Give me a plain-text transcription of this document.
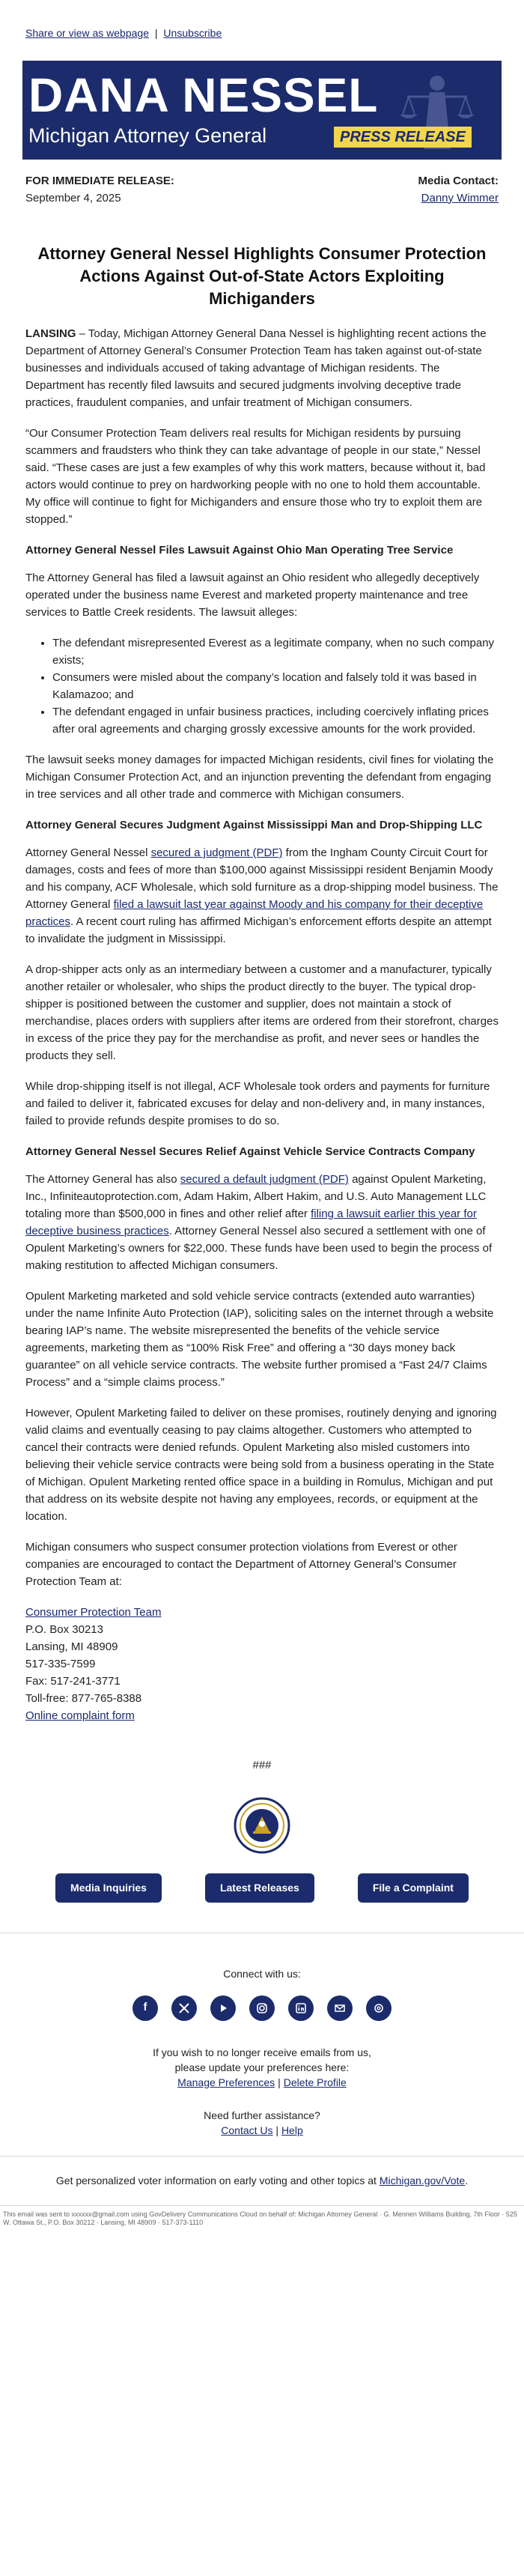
Share or view as webpage | Unsubscribe
DANA NESSEL
Michigan Attorney General	PRESS RELEASE
FOR IMMEDIATE RELEASE:
September 4, 2025
Media Contact:
Danny Wimmer
Attorney General Nessel Highlights Consumer Protection Actions Against Out-of-State Actors Exploiting Michiganders

LANSING – Today, Michigan Attorney General Dana Nessel is highlighting recent actions the Department of Attorney General’s Consumer Protection Team has taken against out-of-state businesses and individuals accused of taking advantage of Michigan residents. The Department has recently filed lawsuits and secured judgments involving deceptive trade practices, fraudulent companies, and unfair treatment of Michigan consumers.

“Our Consumer Protection Team delivers real results for Michigan residents by pursuing scammers and fraudsters who think they can take advantage of people in our state,” Nessel said. “These cases are just a few examples of why this work matters, because without it, bad actors would continue to prey on hardworking people with no one to hold them accountable. My office will continue to fight for Michiganders and ensure those who try to exploit them are stopped.”

Attorney General Nessel Files Lawsuit Against Ohio Man Operating Tree Service

The Attorney General has filed a lawsuit against an Ohio resident who allegedly deceptively operated under the business name Everest and marketed property maintenance and tree services to Battle Creek residents. The lawsuit alleges:

• The defendant misrepresented Everest as a legitimate company, when no such company exists;
• Consumers were misled about the company’s location and falsely told it was based in Kalamazoo; and
• The defendant engaged in unfair business practices, including coercively inflating prices after oral agreements and charging grossly excessive amounts for the work provided.

The lawsuit seeks money damages for impacted Michigan residents, civil fines for violating the Michigan Consumer Protection Act, and an injunction preventing the defendant from engaging in tree services and all other trade and commerce with Michigan consumers.

Attorney General Secures Judgment Against Mississippi Man and Drop-Shipping LLC

Attorney General Nessel secured a judgment (PDF) from the Ingham County Circuit Court for damages, costs and fees of more than $100,000 against Mississippi resident Benjamin Moody and his company, ACF Wholesale, which sold furniture as a drop-shipping model business. The Attorney General filed a lawsuit last year against Moody and his company for their deceptive practices. A recent court ruling has affirmed Michigan’s enforcement efforts despite an attempt to invalidate the judgment in Mississippi.

A drop-shipper acts only as an intermediary between a customer and a manufacturer, typically another retailer or wholesaler, who ships the product directly to the buyer. The typical drop-shipper is positioned between the customer and supplier, does not maintain a stock of merchandise, places orders with suppliers after items are ordered from their storefront, charges in excess of the price they pay for the merchandise as profit, and never sees or handles the products they sell.

While drop-shipping itself is not illegal, ACF Wholesale took orders and payments for furniture and failed to deliver it, fabricated excuses for delay and non-delivery and, in many instances, failed to provide refunds despite promises to do so.

Attorney General Nessel Secures Relief Against Vehicle Service Contracts Company

The Attorney General has also secured a default judgment (PDF) against Opulent Marketing, Inc., Infiniteautoprotection.com, Adam Hakim, Albert Hakim, and U.S. Auto Management LLC totaling more than $500,000 in fines and other relief after filing a lawsuit earlier this year for deceptive business practices. Attorney General Nessel also secured a settlement with one of Opulent Marketing’s owners for $22,000. These funds have been used to begin the process of making restitution to affected Michigan consumers.

Opulent Marketing marketed and sold vehicle service contracts (extended auto warranties) under the name Infinite Auto Protection (IAP), soliciting sales on the internet through a website bearing IAP’s name. The website misrepresented the benefits of the vehicle service agreements, marketing them as “100% Risk Free” and offering a “30 days money back guarantee” on all vehicle service contracts. The website further promised a “Fast 24/7 Claims Process” and a “simple claims process.”

However, Opulent Marketing failed to deliver on these promises, routinely denying and ignoring valid claims and eventually ceasing to pay claims altogether. Customers who attempted to cancel their contracts were denied refunds. Opulent Marketing also misled customers into believing their vehicle service contracts were being sold from a business operating in the State of Michigan. Opulent Marketing rented office space in a building in Romulus, Michigan and put that address on its website despite not having any employees, records, or equipment at the location.

Michigan consumers who suspect consumer protection violations from Everest or other companies are encouraged to contact the Department of Attorney General’s Consumer Protection Team at:

Consumer Protection Team

P.O. Box 30213

Lansing, MI 48909

517-335-7599

Fax: 517-241-3771

Toll-free: 877-765-8388

Online complaint form

###
Media Inquiries	Latest Releases	File a Complaint
Connect with us:
f
If you wish to no longer receive emails from us,
please update your preferences here:
Manage Preferences | Delete Profile
Need further assistance?
Contact Us | Help
Get personalized voter information on early voting and other topics at Michigan.gov/Vote.
This email was sent to xxxxxx@gmail.com using GovDelivery Communications Cloud on behalf of: Michigan Attorney General · G. Mennen Williams Building, 7th Floor · 525 W. Ottawa St., P.O. Box 30212 · Lansing, MI 48909 · 517-373-1110
